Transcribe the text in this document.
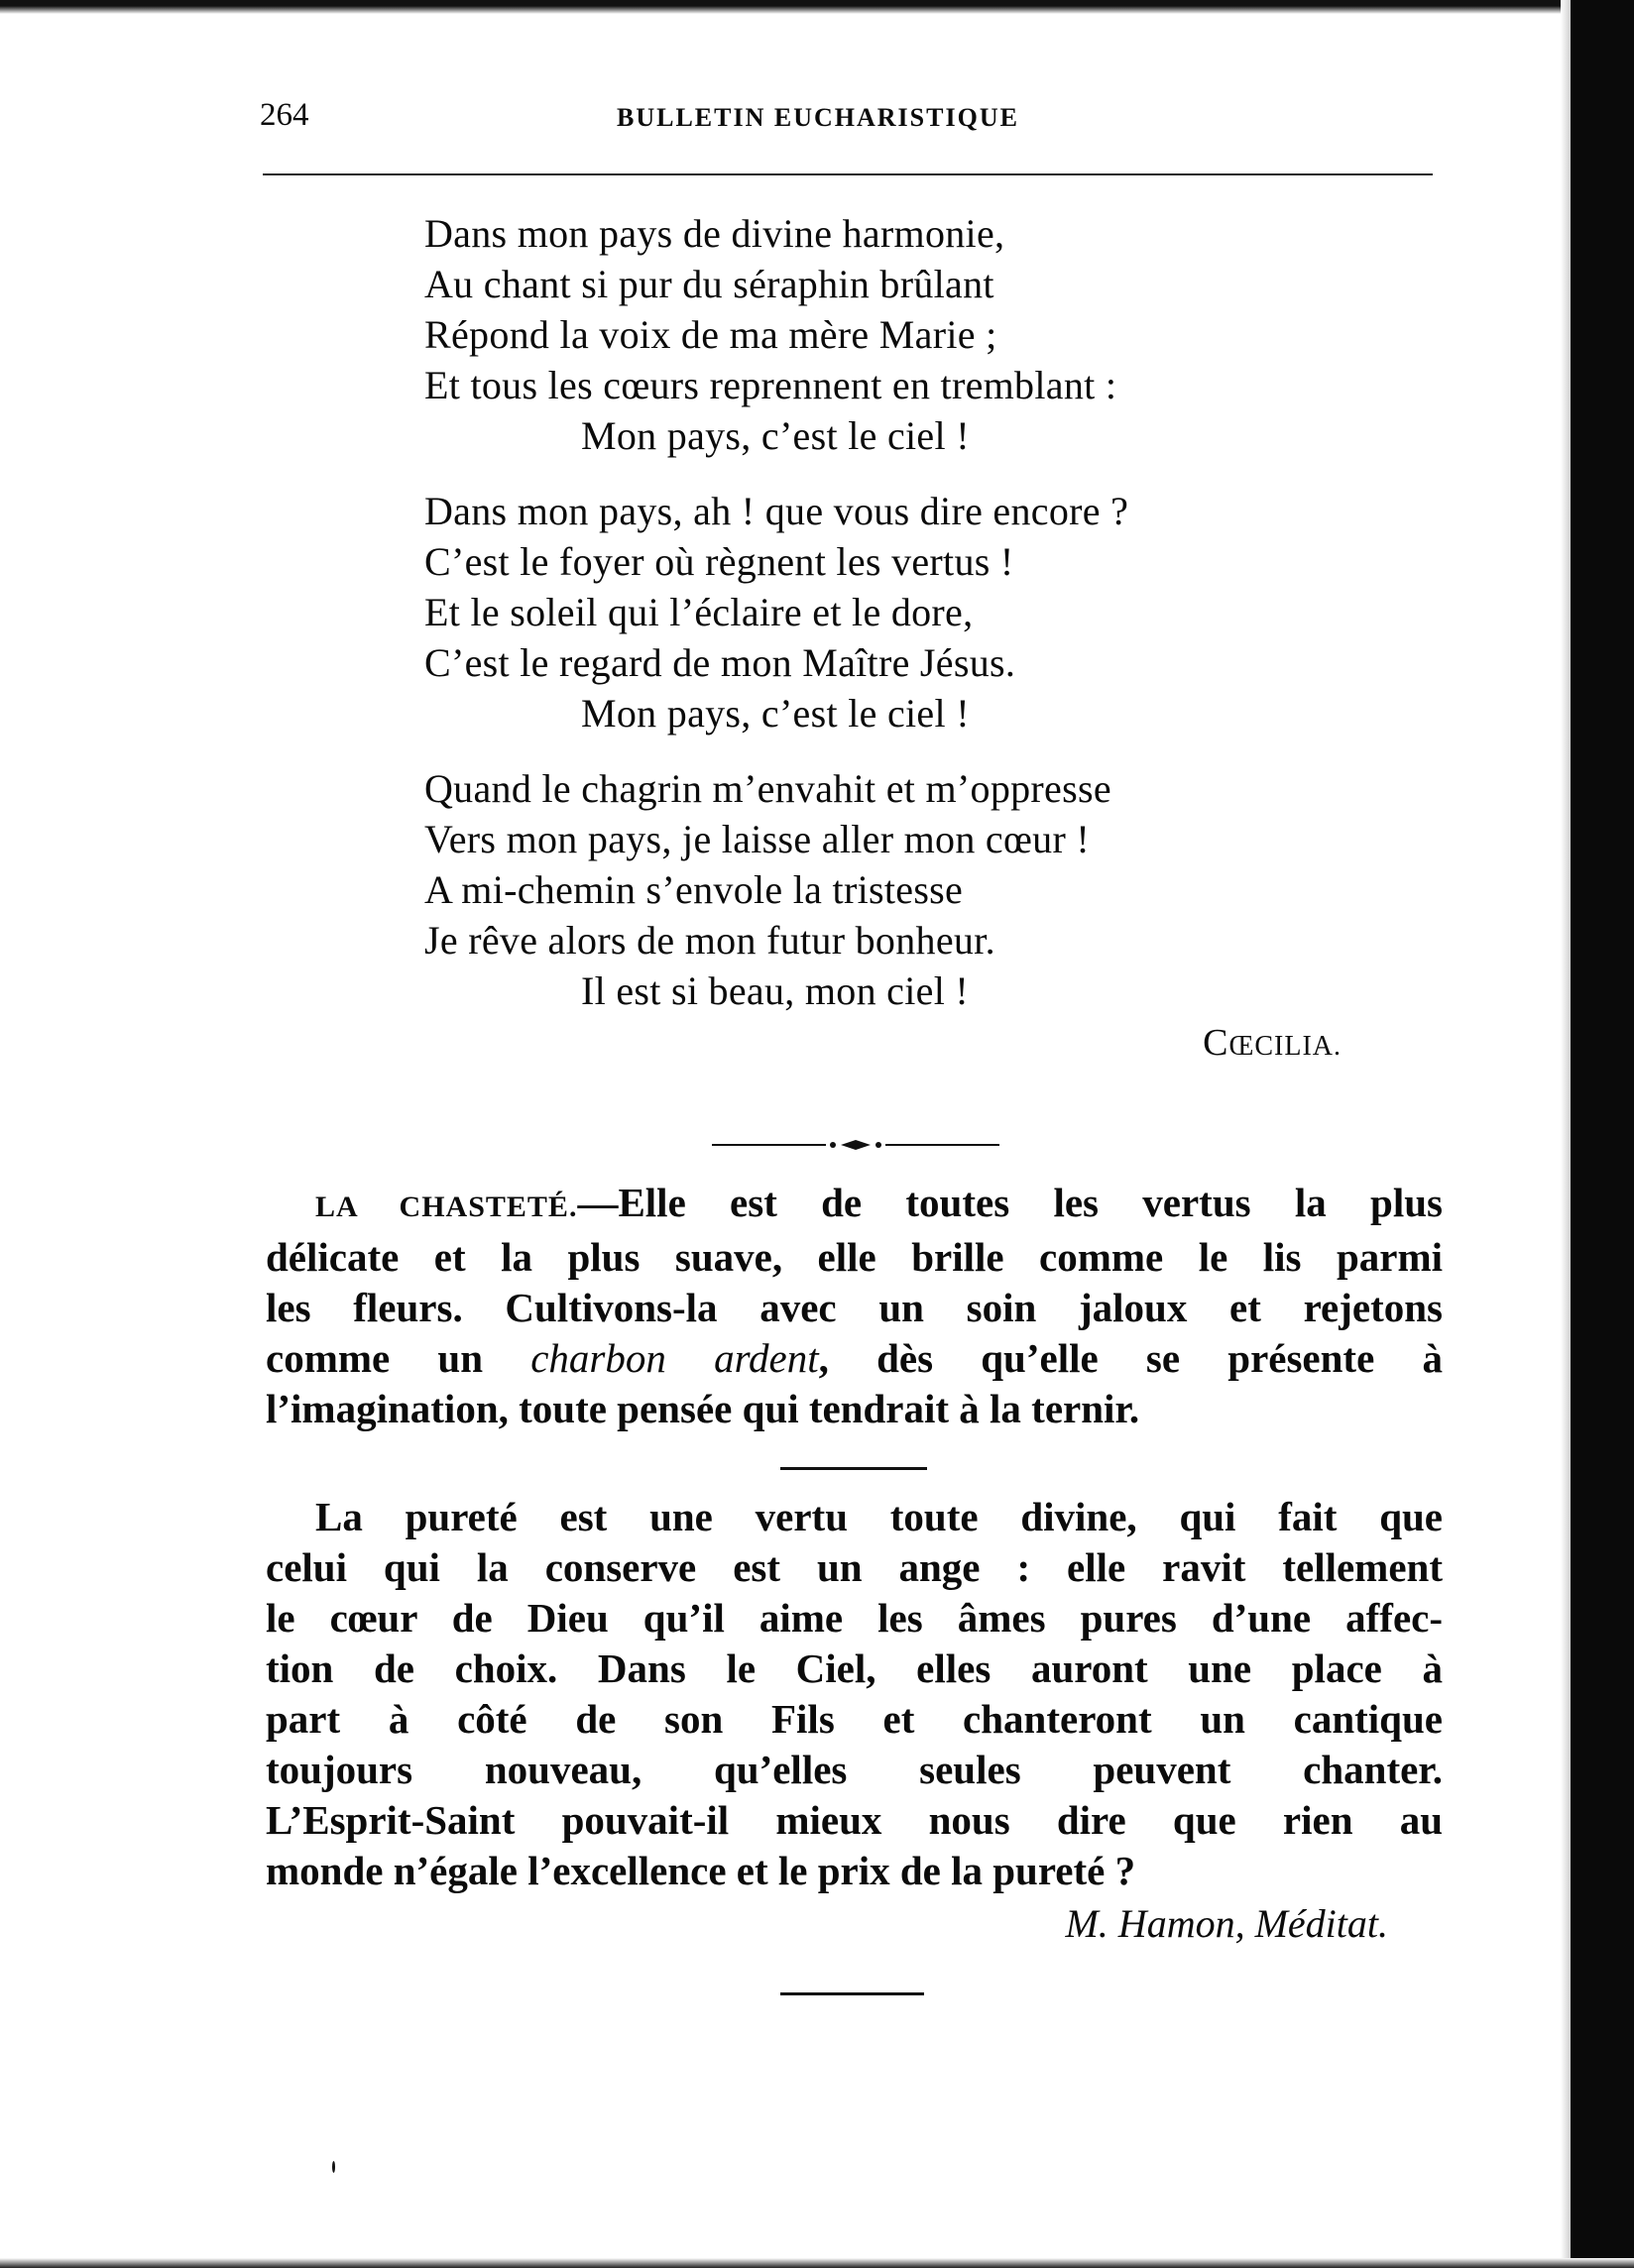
264	BULLETIN EUCHARISTIQUE
Dans mon pays de divine harmonie,
Au chant si pur du séraphin brûlant
Répond la voix de ma mère Marie ;
Et tous les cœurs reprennent en tremblant :
Mon pays, c’est le ciel !
Dans mon pays, ah ! que vous dire encore ?
C’est le foyer où règnent les vertus !
Et le soleil qui l’éclaire et le dore,
C’est le regard de mon Maître Jésus.
Mon pays, c’est le ciel !
Quand le chagrin m’envahit et m’oppresse
Vers mon pays, je laisse aller mon cœur !
A mi-chemin s’envole la tristesse
Je rêve alors de mon futur bonheur.
Il est si beau, mon ciel !
CŒCILIA.
LA CHASTETÉ.—Elle est de toutes les vertus la plus
délicate et la plus suave, elle brille comme le lis parmi
les fleurs. Cultivons-la avec un soin jaloux et rejetons
comme un charbon ardent, dès qu’elle se présente à
l’imagination, toute pensée qui tendrait à la ternir.
La pureté est une vertu toute divine, qui fait que
celui qui la conserve est un ange : elle ravit tellement
le cœur de Dieu qu’il aime les âmes pures d’une affec-
tion de choix. Dans le Ciel, elles auront une place à
part à côté de son Fils et chanteront un cantique
toujours nouveau, qu’elles seules peuvent chanter.
L’Esprit-Saint pouvait-il mieux nous dire que rien au
monde n’égale l’excellence et le prix de la pureté ?
M. Hamon, Méditat.
